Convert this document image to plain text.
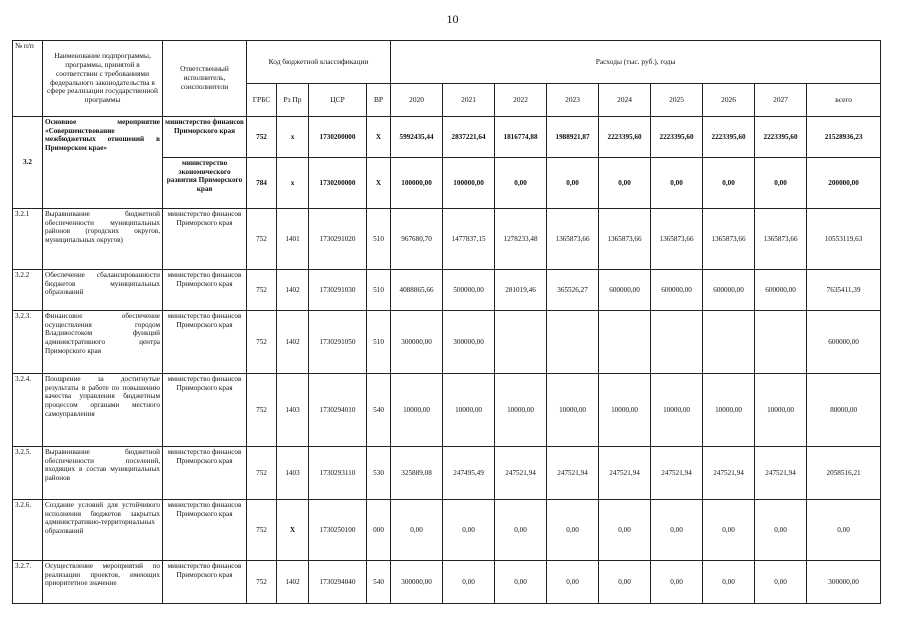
10
№ п/п	Наименование подпрограммы, программы, принятой в соответствии с требованиями федерального законодательства в сфере реализации государственной программы	Ответственный исполнитель, соисполнители	Код бюджетной классификации				Расходы (тыс. руб.), годы								
			ГРБС	Рз Пр	ЦСР	ВР	2020	2021	2022	2023	2024	2025	2026	2027	всего
3.2	Основное мероприятие «Совершенствование межбюджетных отношений в Приморском крае»	министерство финансов Приморского края	752	х	1730200000	Х	5992435,44	2837221,64	1816774,88	1988921,87	2223395,60	2223395,60	2223395,60	2223395,60	21528936,23
		министерство экономического развития Приморского края	784	х	1730200000	Х	100000,00	100000,00	0,00	0,00	0,00	0,00	0,00	0,00	200000,00
3.2.1	Выравнивание бюджетной обеспеченности муниципальных районов (городских округов, муниципальных округов)	министерство финансов Приморского края	752	1401	1730291020	510	967680,70	1477837,15	1278233,48	1365873,66	1365873,66	1365873,66	1365873,66	1365873,66	10553119,63
3.2.2	Обеспечение сбалансированности бюджетов муниципальных образований	министерство финансов Приморского края	752	1402	1730291030	510	4088865,66	500000,00	281019,46	365526,27	600000,00	600000,00	600000,00	600000,00	7635411,39
3.2.3.	Финансовое обеспечение осуществления городом Владивостоком функций административного центра Приморского края	министерство финансов Приморского края	752	1402	1730291050	510	300000,00	300000,00							600000,00
3.2.4.	Поощрение за достигнутые результаты в работе по повышению качества управления бюджетным процессом органами местного самоуправления	министерство финансов Приморского края	752	1403	1730294010	540	10000,00	10000,00	10000,00	10000,00	10000,00	10000,00	10000,00	10000,00	80000,00
3.2.5.	Выравнивание бюджетной обеспеченности поселений, входящих в состав муниципальных районов	министерство финансов Приморского края	752	1403	1730293110	530	325889,08	247495,49	247521,94	247521,94	247521,94	247521,94	247521,94	247521,94	2058516,21
3.2.6.	Создание условий для устойчивого исполнения бюджетов закрытых административно-территориальных образований	министерство финансов Приморского края	752	Х	1730250100	000	0,00	0,00	0,00	0,00	0,00	0,00	0,00	0,00	0,00
3.2.7.	Осуществление мероприятий по реализации проектов, имеющих приоритетное значение	министерство финансов Приморского края	752	1402	1730294040	540	300000,00	0,00	0,00	0,00	0,00	0,00	0,00	0,00	300000,00
